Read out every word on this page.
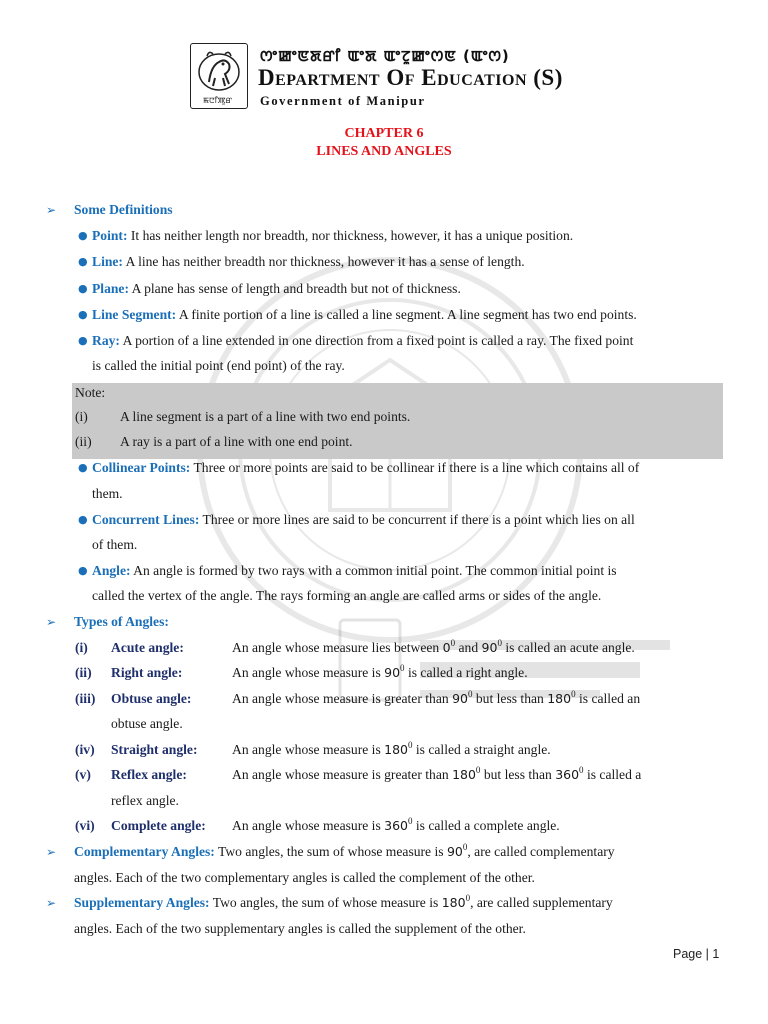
ꯃꯅꯤꯄꯨꯔ
ꯁꯦꯀꯦꯟꯗꯔꯤ ꯑꯦꯗ ꯑꯦꯖꯨꯀꯦꯁꯟ (ꯑꯦꯁ)
Department Of Education (S)
Government of Manipur
CHAPTER 6
LINES AND ANGLES
➢ Some Definitions
● Point: It has neither length nor breadth, nor thickness, however, it has a unique position.
● Line: A line has neither breadth nor thickness, however it has a sense of length.
● Plane: A plane has sense of length and breadth but not of thickness.
● Line Segment: A finite portion of a line is called a line segment. A line segment has two end points.
● Ray: A portion of a line extended in one direction from a fixed point is called a ray. The fixed point
is called the initial point (end point) of the ray.
Note:
(i) A line segment is a part of a line with two end points.
(ii) A ray is a part of a line with one end point.
● Collinear Points: Three or more points are said to be collinear if there is a line which contains all of
them.
● Concurrent Lines: Three or more lines are said to be concurrent if there is a point which lies on all
of them.
● Angle: An angle is formed by two rays with a common initial point. The common initial point is
called the vertex of the angle. The rays forming an angle are called arms or sides of the angle.
➢ Types of Angles:
(i) Acute angle:	An angle whose measure lies between $0^0$ and $90^0$ is called an acute angle.
(ii) Right angle:	An angle whose measure is $90^0$ is called a right angle.
(iii) Obtuse angle:	An angle whose measure is greater than $90^0$ but less than $180^0$ is called an
obtuse angle.
(iv) Straight angle:	An angle whose measure is $180^0$ is called a straight angle.
(v) Reflex angle:	An angle whose measure is greater than $180^0$ but less than $360^0$ is called a
reflex angle.
(vi) Complete angle: An angle whose measure is $360^0$ is called a complete angle.
➢ Complementary Angles: Two angles, the sum of whose measure is $90^0$, are called complementary
angles. Each of the two complementary angles is called the complement of the other.
➢ Supplementary Angles: Two angles, the sum of whose measure is $180^0$, are called supplementary
angles. Each of the two supplementary angles is called the supplement of the other.
Page | 1
